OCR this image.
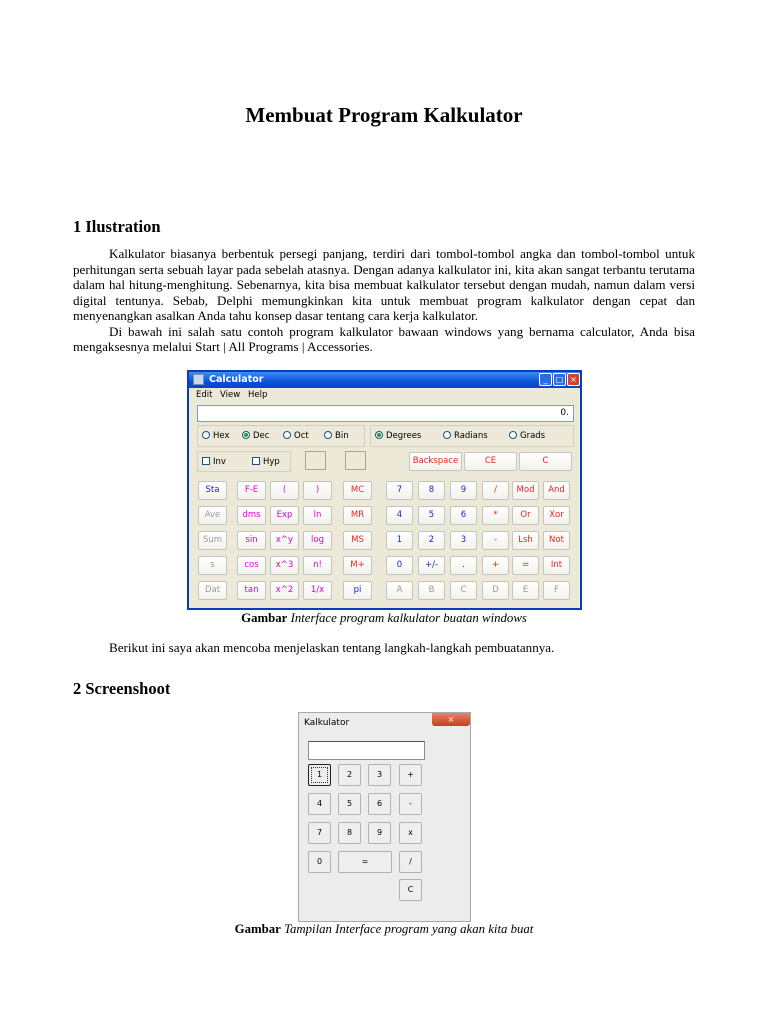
Membuat Program Kalkulator
1 Ilustration

Kalkulator biasanya berbentuk persegi panjang, terdiri dari tombol-tombol angka dan tombol-tombol untuk perhitungan serta sebuah layar pada sebelah atasnya. Dengan adanya kalkulator ini, kita akan sangat terbantu terutama dalam hal hitung-menghitung. Sebenarnya, kita bisa membuat kalkulator tersebut dengan mudah, namun dalam versi digital tentunya. Sebab, Delphi memungkinkan kita untuk membuat program kalkulator dengan cepat dan menyenangkan asalkan Anda tahu konsep dasar tentang cara kerja kalkulator.

Di bawah ini salah satu contoh program kalkulator bawaan windows yang bernama calculator, Anda bisa mengaksesnya melalui Start | All Programs | Accessories.

Calculator	_	□ ×
Edit View Help
0.
Hex	Dec	Oct	Bin	Degrees	Radians	Grads
Inv	Hyp	Backspace	CE	C
Sta
Ave
Sum
s
Dat
F-E
dms
sin
cos
tan
(
Exp
x^y
x^3
x^2
)
ln
log
n!
1/x
MC
MR
MS
M+
pi
7	8	9	/	Mod	And
4	5	6	*	Or	Xor
1	2	3	-	Lsh	Not
0	+/-	.	+	=	Int
A	B	C	D	E	F
Gambar Interface program kalkulator buatan windows

Berikut ini saya akan mencoba menjelaskan tentang langkah-langkah pembuatannya.

2 Screenshoot
Kalkulator	×
1	2	3	+
4	5	6	-
7	8	9	x
0	=	/
C
Gambar Tampilan Interface program yang akan kita buat
